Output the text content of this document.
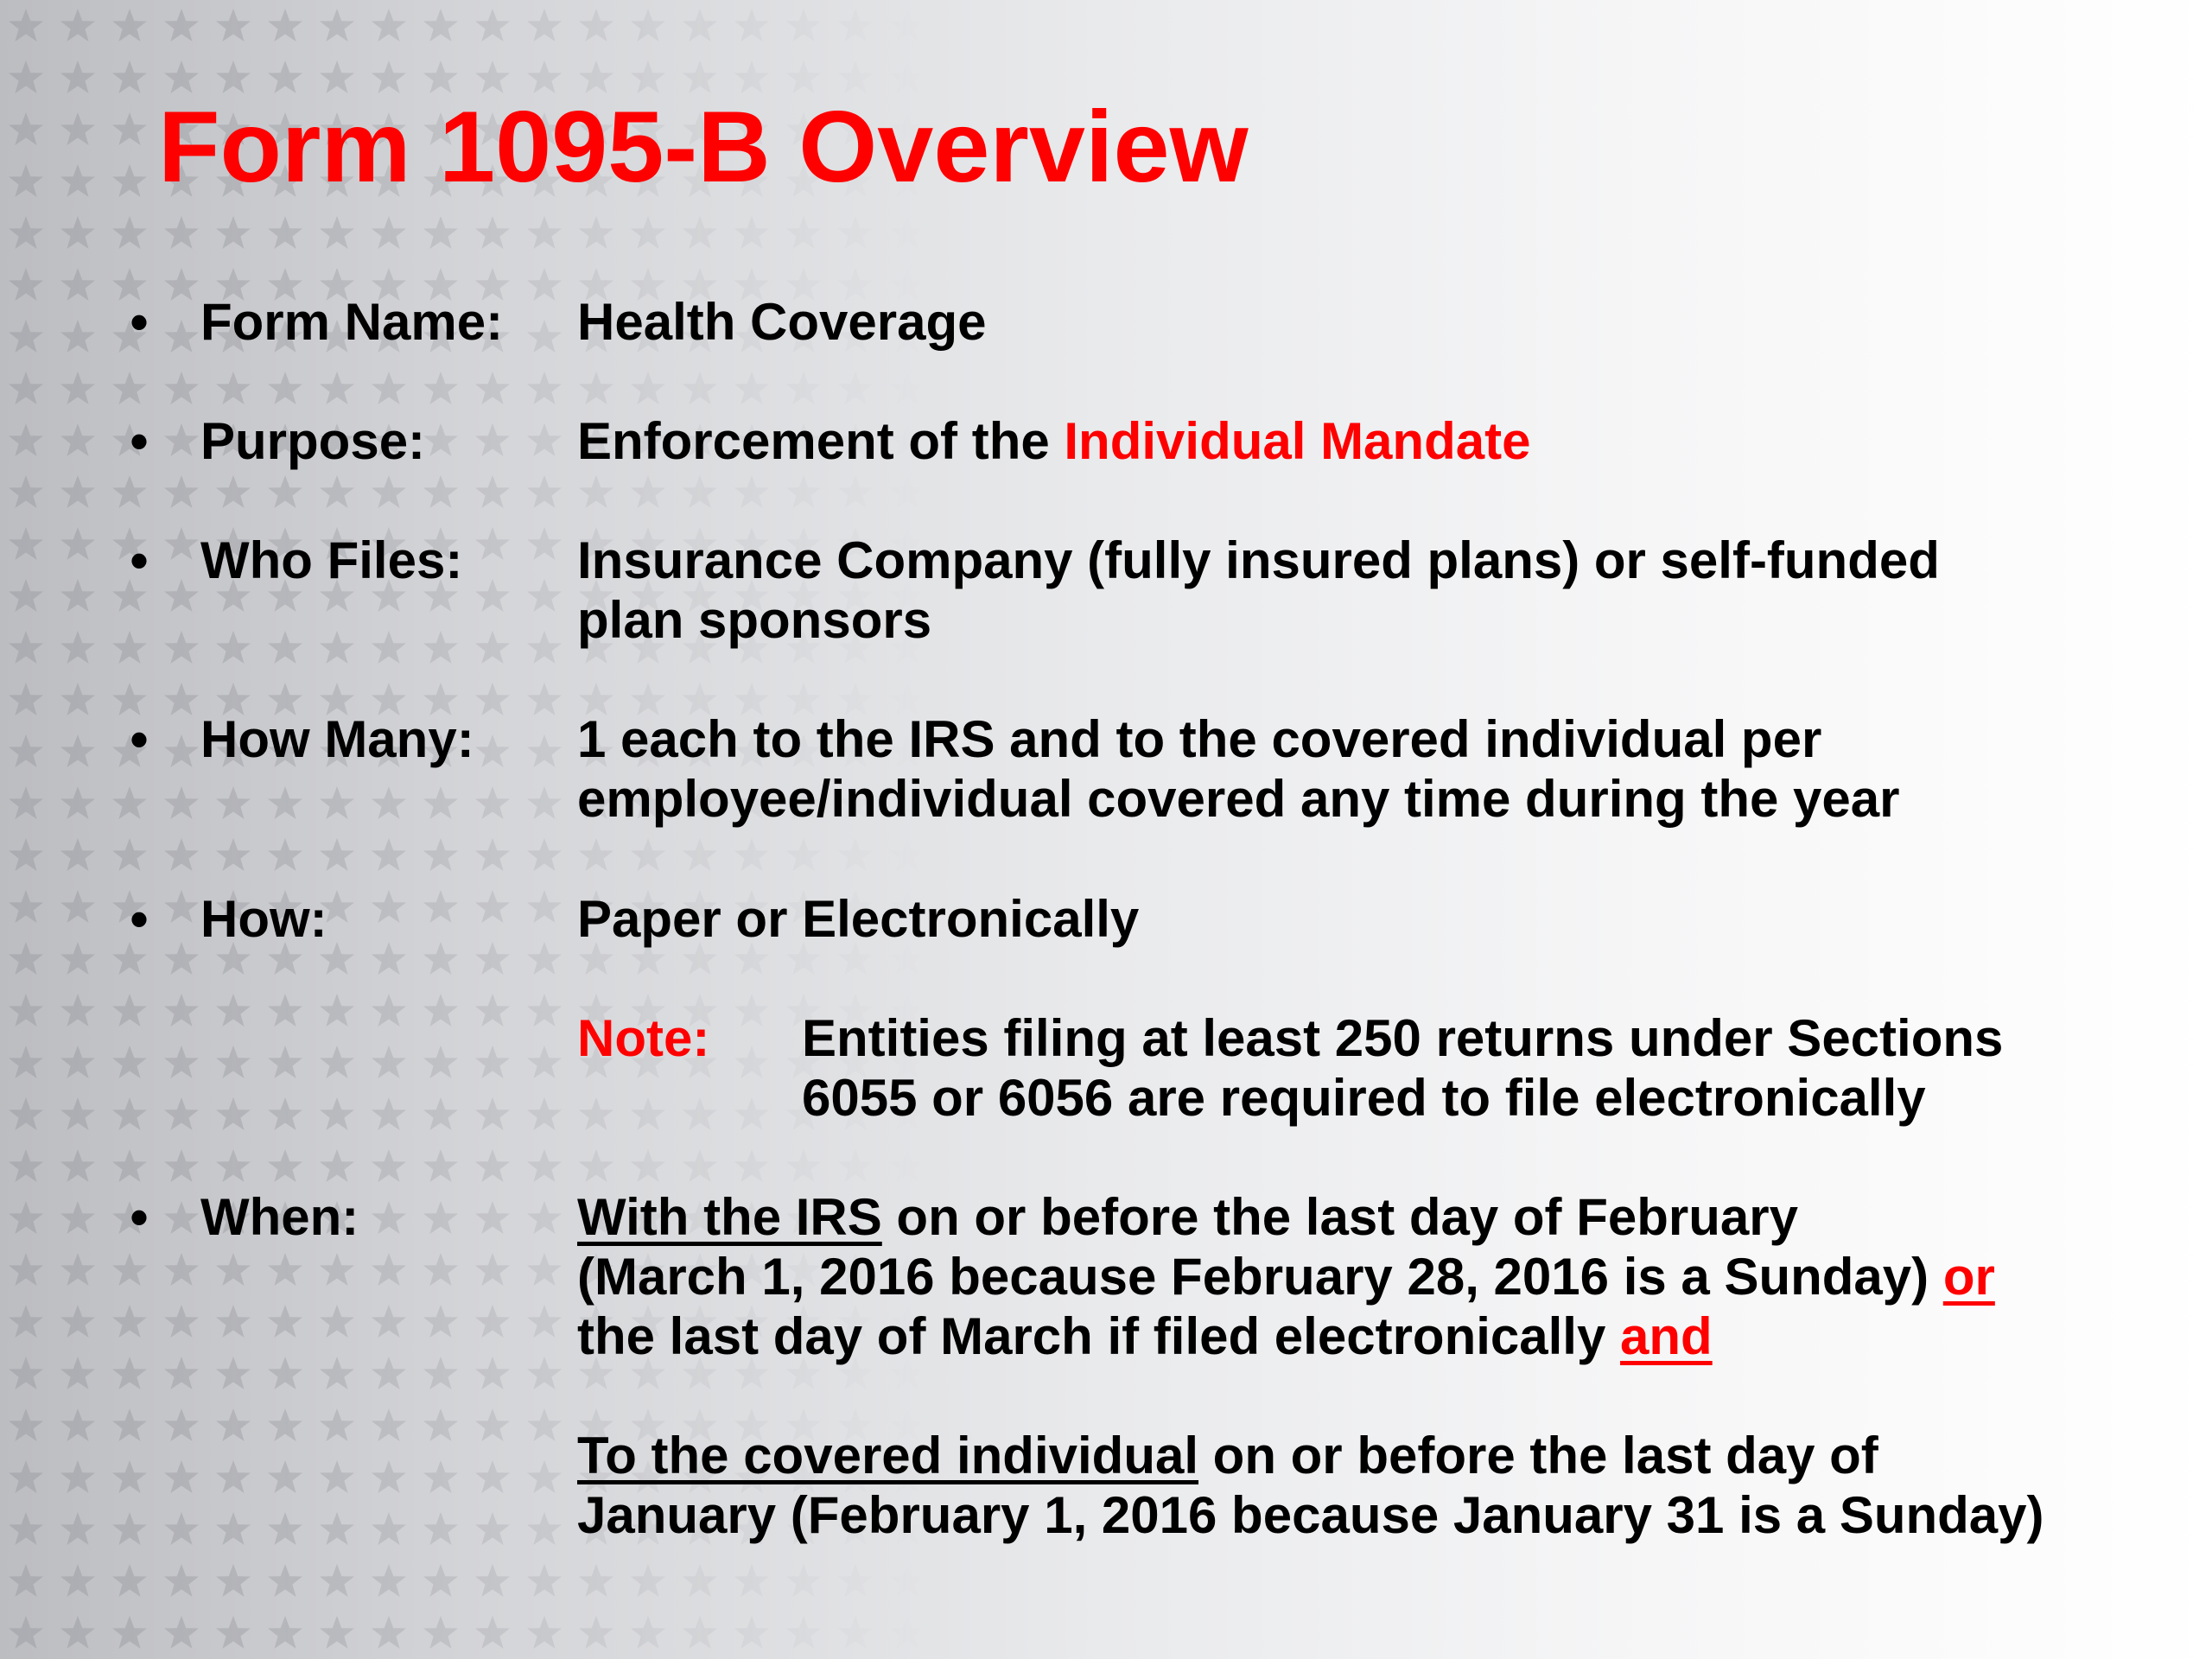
Form 1095-B Overview
• Form Name: Health Coverage

• Purpose:	Enforcement of the Individual Mandate

• Who Files: Insurance Company (fully insured plans) or self-funded

plan sponsors

• How Many: 1 each to the IRS and to the covered individual per

employee/individual covered any time during the year

• How:	Paper or Electronically

Note: Entities filing at least 250 returns under Sections

6055 or 6056 are required to file electronically

• When:	With the IRS on or before the last day of February

(March 1, 2016 because February 28, 2016 is a Sunday) or

the last day of March if filed electronically and

To the covered individual on or before the last day of

January (February 1, 2016 because January 31 is a Sunday)
